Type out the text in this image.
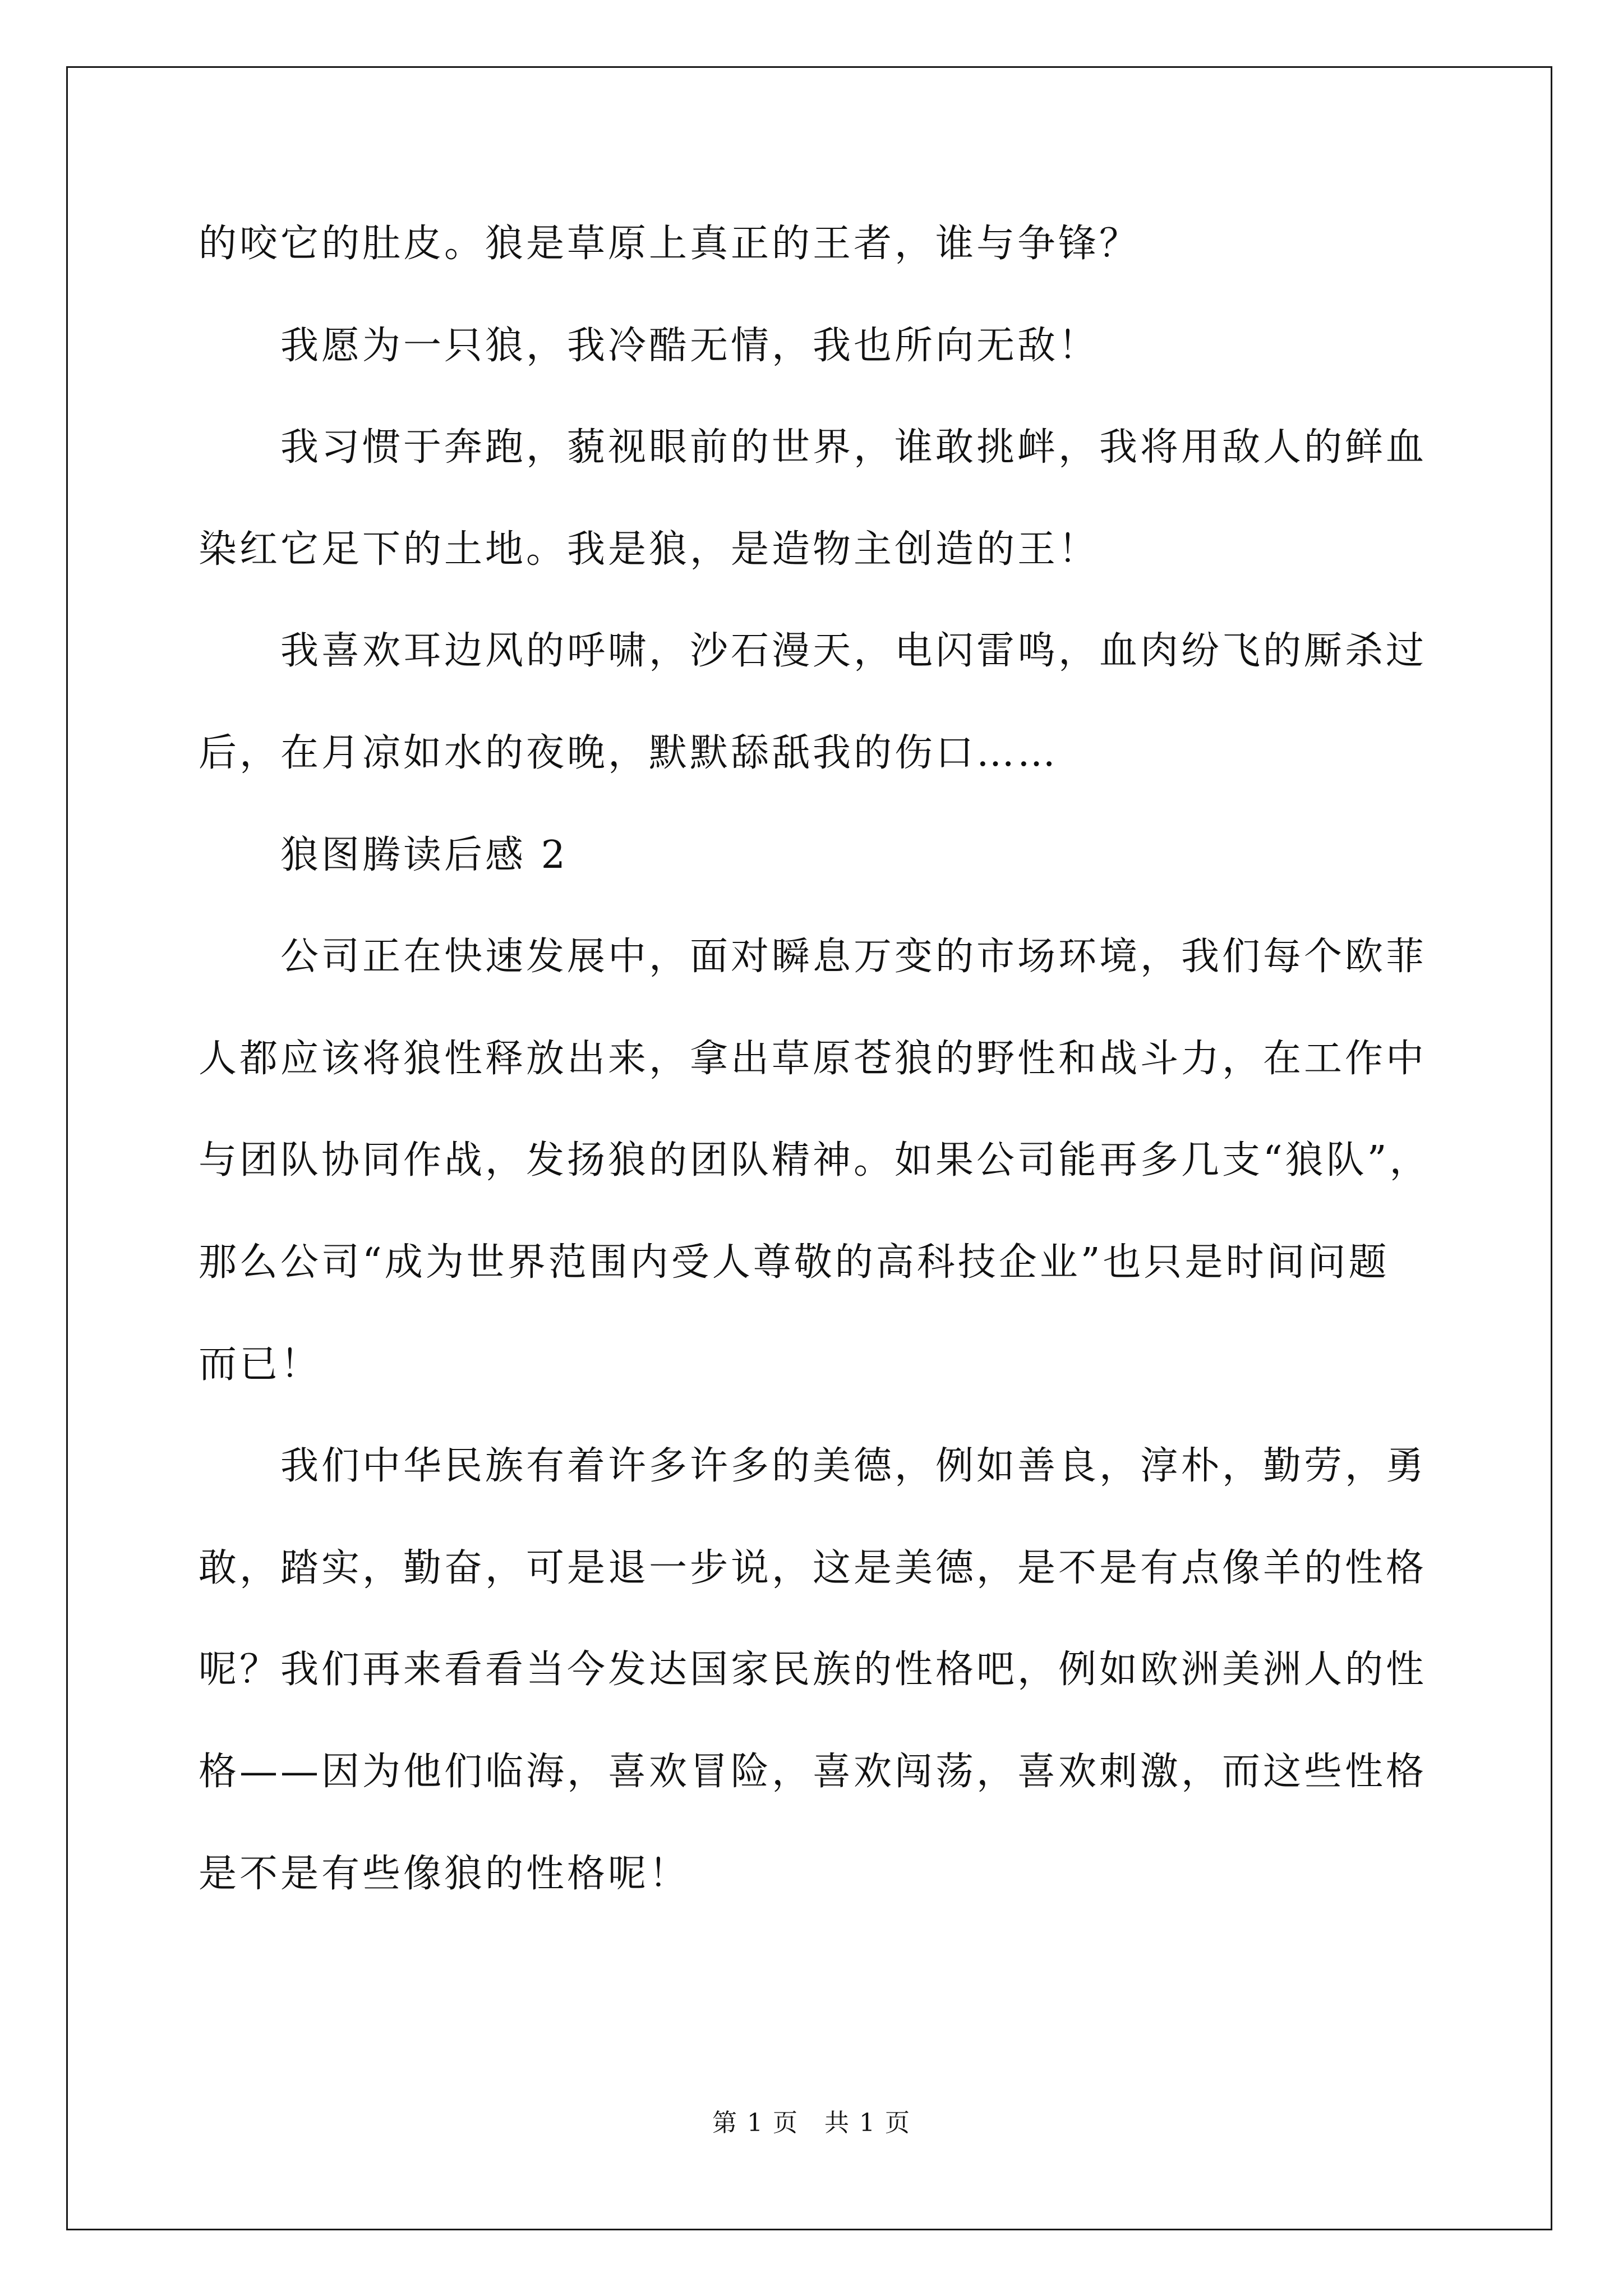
的咬它的肚皮。狼是草原上真正的王者，谁与争锋？
我愿为一只狼，我冷酷无情，我也所向无敌！
我习惯于奔跑，藐视眼前的世界，谁敢挑衅，我将用敌人的鲜血
染红它足下的土地。我是狼，是造物主创造的王！
我喜欢耳边风的呼啸，沙石漫天，电闪雷鸣，血肉纷飞的厮杀过
后，在月凉如水的夜晚，默默舔舐我的伤口……
狼图腾读后感 2
公司正在快速发展中，面对瞬息万变的市场环境，我们每个欧菲
人都应该将狼性释放出来，拿出草原苍狼的野性和战斗力，在工作中
与团队协同作战，发扬狼的团队精神。如果公司能再多几支“狼队”，
那么公司“成为世界范围内受人尊敬的高科技企业”也只是时间问题
而已！
我们中华民族有着许多许多的美德，例如善良，淳朴，勤劳，勇
敢，踏实，勤奋，可是退一步说，这是美德，是不是有点像羊的性格
呢？我们再来看看当今发达国家民族的性格吧，例如欧洲美洲人的性
格——因为他们临海，喜欢冒险，喜欢闯荡，喜欢刺激，而这些性格
是不是有些像狼的性格呢！
第 1 页 共 1 页
